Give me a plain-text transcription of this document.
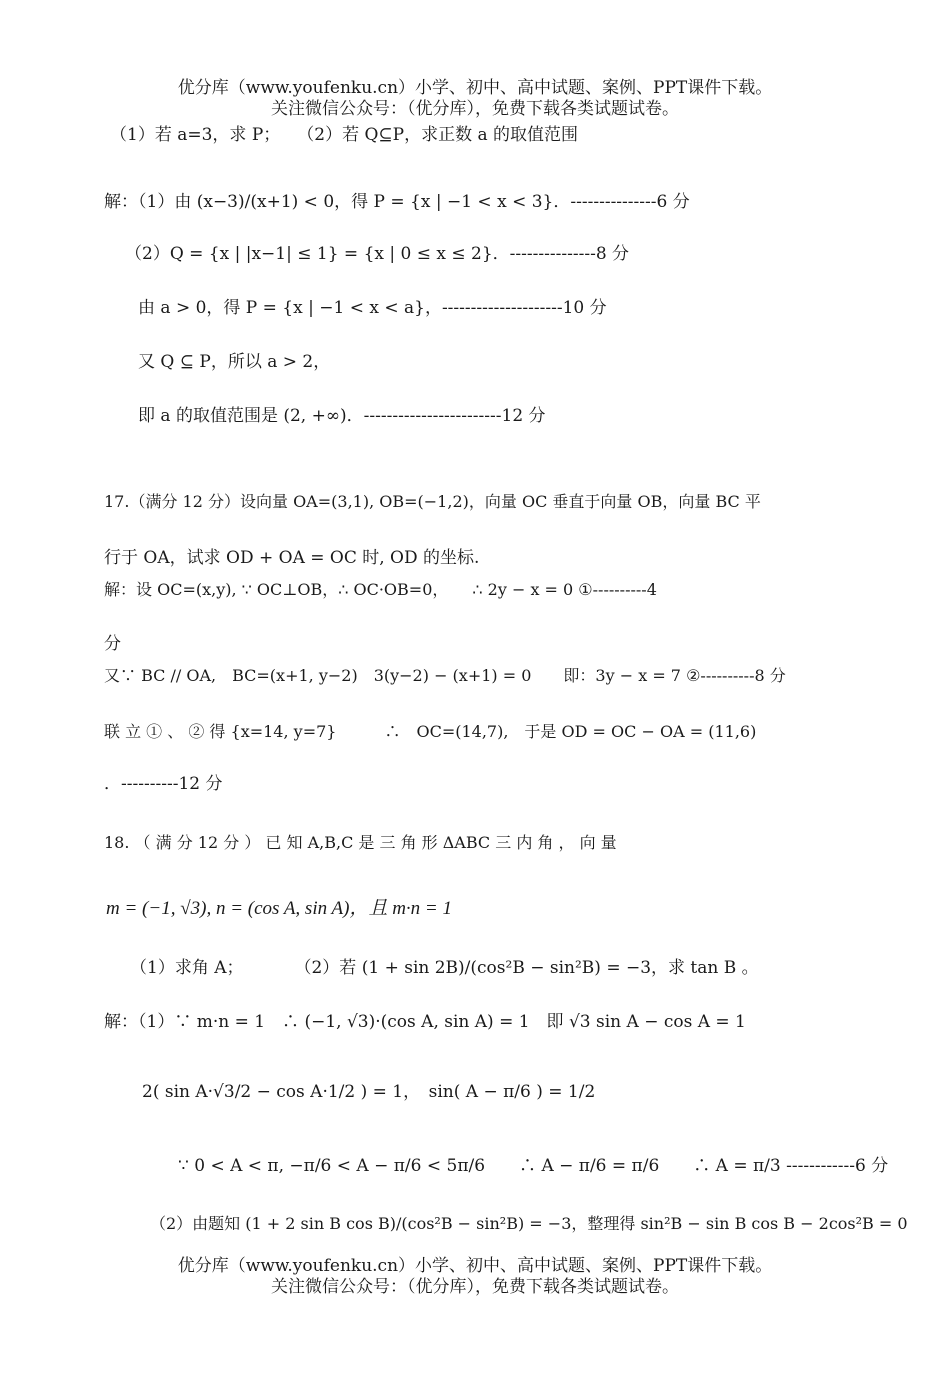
优分库（www.youfenku.cn）小学、初中、高中试题、案例、PPT课件下载。
关注微信公众号：（优分库），免费下载各类试题试卷。
（1）若 a=3，求 P；　　（2）若 Q⊆P，求正数 a 的取值范围
解：（1）由 (x−3)/(x+1) < 0，得 P = {x | −1 < x < 3}．---------------6 分
（2）Q = {x | |x−1| ≤ 1} = {x | 0 ≤ x ≤ 2}．---------------8 分
由 a > 0，得 P = {x | −1 < x < a}，---------------------10 分
又 Q ⊆ P，所以 a > 2，
即 a 的取值范围是 (2, +∞)．------------------------12 分
17.（满分 12 分）设向量 OA=(3,1), OB=(−1,2)，向量 OC 垂直于向量 OB，向量 BC 平
行于 OA，试求 OD + OA = OC 时, OD 的坐标.
解：设 OC=(x,y), ∵ OC⊥OB，∴ OC·OB=0，　　∴ 2y − x = 0 ①----------4
分
又∵ BC // OA,　BC=(x+1, y−2)　3(y−2) − (x+1) = 0　　即：3y − x = 7 ②----------8 分
联 立 ① 、 ② 得 {x=14, y=7}　　　∴　OC=(14,7),　于是 OD = OC − OA = (11,6)
．----------12 分
18. （ 满 分 12 分 ） 已 知 A,B,C 是 三 角 形 ΔABC 三 内 角 ， 向 量
m = (−1, √3), n = (cos A, sin A)，且 m·n = 1
（1）求角 A；　　　　（2）若 (1 + sin 2B)/(cos²B − sin²B) = −3，求 tan B 。
解：（1）∵ m·n = 1　∴ (−1, √3)·(cos A, sin A) = 1　即 √3 sin A − cos A = 1
2( sin A·√3/2 − cos A·1/2 ) = 1，　sin( A − π/6 ) = 1/2
∵ 0 < A < π, −π/6 < A − π/6 < 5π/6　　∴ A − π/6 = π/6　　∴ A = π/3 ------------6 分
（2）由题知 (1 + 2 sin B cos B)/(cos²B − sin²B) = −3，整理得 sin²B − sin B cos B − 2cos²B = 0
优分库（www.youfenku.cn）小学、初中、高中试题、案例、PPT课件下载。
关注微信公众号：（优分库），免费下载各类试题试卷。
